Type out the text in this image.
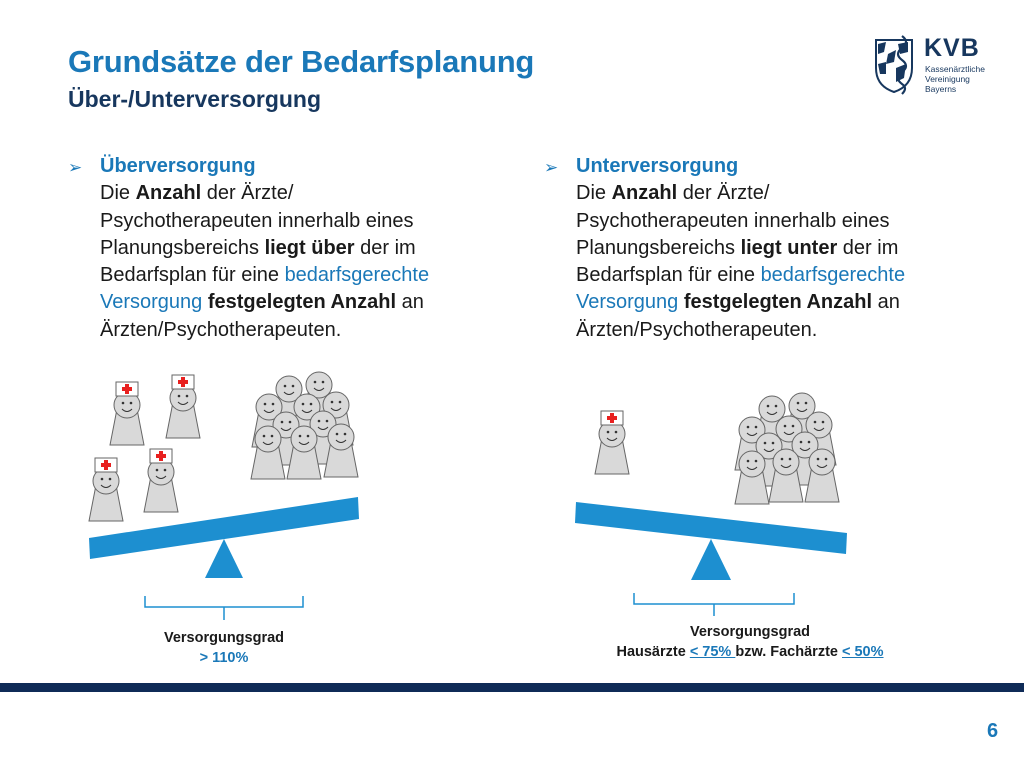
Grundsätze der Bedarfsplanung
Über-/Unterversorgung
KVB
Kassenärztliche
Vereinigung
Bayerns
➢ Überversorgung
Die Anzahl der Ärzte/
Psychotherapeuten innerhalb eines
Planungsbereichs liegt über der im
Bedarfsplan für eine bedarfsgerechte
Versorgung festgelegten Anzahl an
Ärzten/Psychotherapeuten.
➢ Unterversorgung
Die Anzahl der Ärzte/
Psychotherapeuten innerhalb eines
Planungsbereichs liegt unter der im
Bedarfsplan für eine bedarfsgerechte
Versorgung festgelegten Anzahl an
Ärzten/Psychotherapeuten.
Versorgungsgrad
> 110%
Versorgungsgrad
Hausärzte < 75% bzw. Fachärzte < 50%
6
